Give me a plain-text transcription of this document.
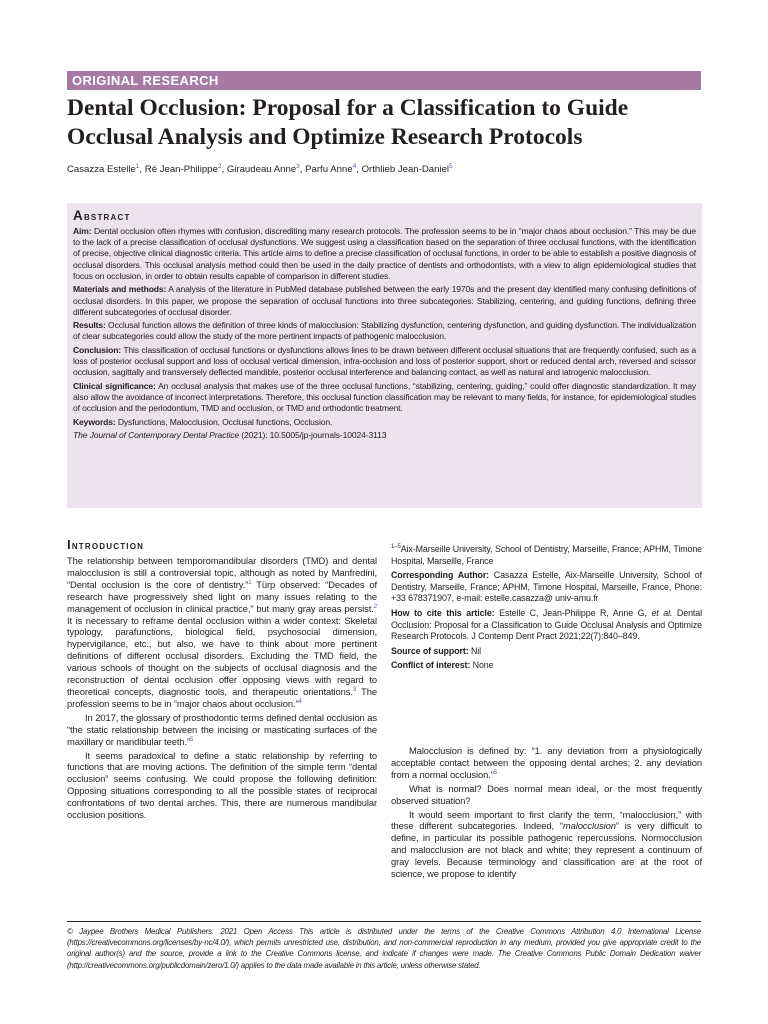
ORIGINAL RESEARCH
Dental Occlusion: Proposal for a Classification to Guide
Occlusal Analysis and Optimize Research Protocols
Casazza Estelle$^1$, Ré Jean-Philippe$^2$, Giraudeau Anne$^3$, Parfu Anne$^4$, Orthlieb Jean-Daniel$^5$
Abstract

Aim: Dental occlusion often rhymes with confusion, discrediting many research protocols. The profession seems to be in “major chaos about occlusion.” This may be due to the lack of a precise classification of occlusal dysfunctions. We suggest using a classification based on the separation of three occlusal functions, with the identification of precise, objective clinical diagnostic criteria. This article aims to define a precise classification of occlusal functions, in order to be able to establish a positive diagnosis of occlusal disorders. This occlusal analysis method could then be used in the daily practice of dentists and orthodontists, with a view to align epidemiological studies that focus on occlusion, in order to obtain results capable of comparison in different studies.

Materials and methods: A analysis of the literature in PubMed database published between the early 1970s and the present day identified many confusing definitions of occlusal disorders. In this paper, we propose the separation of occlusal functions into three subcategories: Stabilizing, centering, and guiding functions, defining three different subcategories of occlusal disorder.

Results: Occlusal function allows the definition of three kinds of malocclusion: Stabilizing dysfunction, centering dysfunction, and guiding dysfunction. The individualization of clear subcategories could allow the study of the more pertinent impacts of pathogenic malocclusion.

Conclusion: This classification of occlusal functions or dysfunctions allows lines to be drawn between different occlusal situations that are frequently confused, such as a loss of posterior occlusal support and loss of occlusal vertical dimension, infra-occlusion and loss of posterior support, short or reduced dental arch, reversed and scissor occlusion, sagittally and transversely deflected mandible, posterior occlusal interference and balancing contact, as well as natural and iatrogenic malocclusion.

Clinical significance: An occlusal analysis that makes use of the three occlusal functions, “stabilizing, centering, guiding,” could offer diagnostic standardization. It may also allow the avoidance of incorrect interpretations. Therefore, this occlusal function classification may be relevant to many fields, for instance, for epidemiological studies of occlusion and the periodontium, TMD and occlusion, or TMD and orthodontic treatment.

Keywords: Dysfunctions, Malocclusion, Occlusal functions, Occlusion.

The Journal of Contemporary Dental Practice (2021): 10.5005/jp-journals-10024-3113

Introduction

The relationship between temporomandibular disorders (TMD) and dental malocclusion is still a controversial topic, although as noted by Manfredini, “Dental occlusion is the core of dentistry.”$^1$ Türp observed: “Decades of research have progressively shed light on many issues relating to the management of occlusion in clinical practice,” but many gray areas persist.$^2$ It is necessary to reframe dental occlusion within a wider context: Skeletal typology, parafunctions, biological field, psychosocial dimension, hypervigilance, etc., but also, we have to think about more pertinent definitions of different occlusal disorders. Excluding the TMD field, the various schools of thought on the subjects of occlusal diagnosis and the reconstruction of dental occlusion offer opposing views with regard to theoretical concepts, diagnostic tools, and therapeutic orientations.$^3$ The profession seems to be in “major chaos about occlusion.”$^4$

In 2017, the glossary of prosthodontic terms defined dental occlusion as “the static relationship between the incising or masticating surfaces of the maxillary or mandibular teeth.”$^5$

It seems paradoxical to define a static relationship by referring to functions that are moving actions. The definition of the simple term “dental occlusion” seems confusing. We could propose the following definition: Opposing situations corresponding to all the possible states of reciprocal confrontations of two dental arches. This, there are numerous mandibular occlusion positions.

$^{1-5}$Aix-Marseille University, School of Dentistry, Marseille, France; APHM, Timone Hospital, Marseille, France

Corresponding Author: Casazza Estelle, Aix-Marseille University, School of Dentistry, Marseille, France; APHM, Timone Hospital, Marseille, France, Phone: +33 678371907, e-mail: estelle.casazza@ univ-amu.fr

How to cite this article: Estelle C, Jean-Philippe R, Anne G, et al. Dental Occlusion: Proposal for a Classification to Guide Occlusal Analysis and Optimize Research Protocols. J Contemp Dent Pract 2021;22(7):840–849.

Source of support: Nil

Conflict of interest: None

Malocclusion is defined by: “1. any deviation from a physiologically acceptable contact between the opposing dental arches; 2. any deviation from a normal occlusion.”$^5$

What is normal? Does normal mean ideal, or the most frequently observed situation?

It would seem important to first clarify the term, “malocclusion,” with these different subcategories. Indeed, “malocclusion” is very difficult to define, in particular its possible pathogenic repercussions. Normocclusion and malocclusion are not black and white; they represent a continuum of gray levels. Because terminology and classification are at the root of science, we propose to identify

© Jaypee Brothers Medical Publishers. 2021 Open Access This article is distributed under the terms of the Creative Commons Attribution 4.0 International License (https://creativecommons.org/licenses/by-nc/4.0/), which permits unrestricted use, distribution, and non-commercial reproduction in any medium, provided you give appropriate credit to the original author(s) and the source, provide a link to the Creative Commons license, and indicate if changes were made. The Creative Commons Public Domain Dedication waiver (http://creativecommons.org/publicdomain/zero/1.0/) applies to the data made available in this article, unless otherwise stated.
